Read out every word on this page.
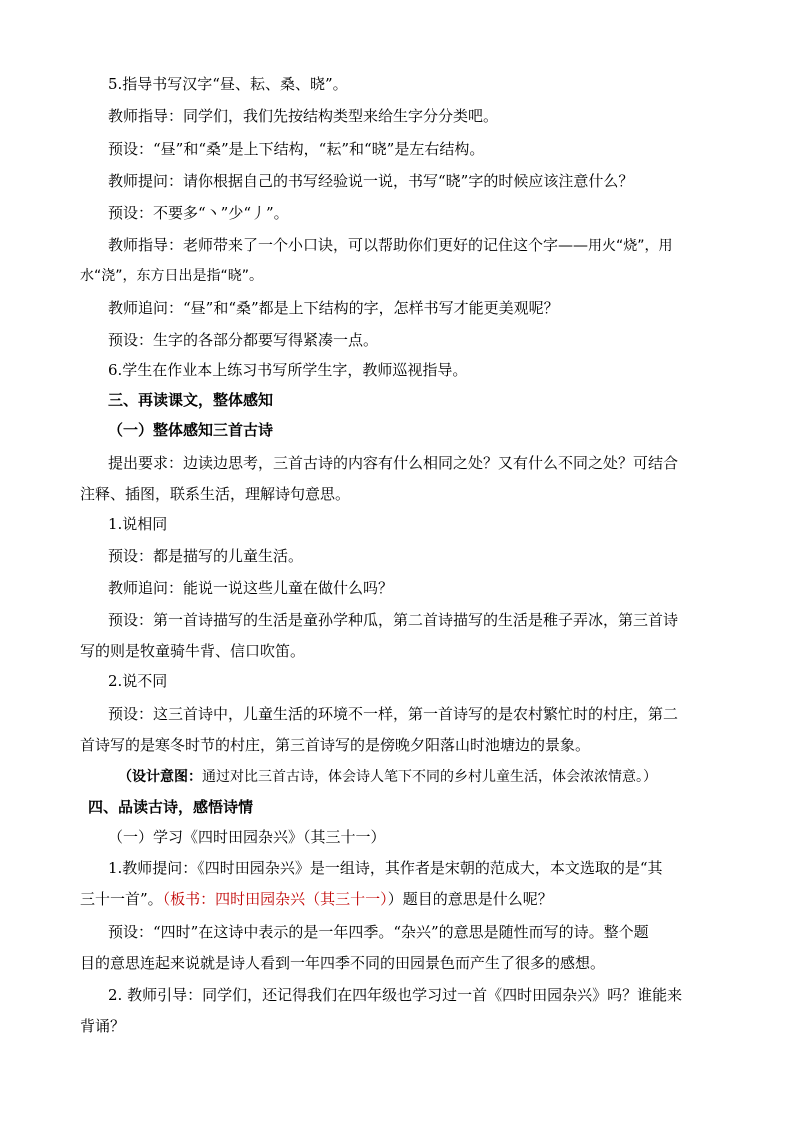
5.指导书写汉字“昼、耘、桑、晓”。
教师指导：同学们，我们先按结构类型来给生字分分类吧。
预设：“昼”和“桑”是上下结构，“耘”和“晓”是左右结构。
教师提问：请你根据自己的书写经验说一说，书写“晓”字的时候应该注意什么？
预设：不要多“丶”少“丿”。
教师指导：老师带来了一个小口诀，可以帮助你们更好的记住这个字——用火“烧”，用
水“浇”，东方日出是指“晓”。
教师追问：“昼”和“桑”都是上下结构的字，怎样书写才能更美观呢？
预设：生字的各部分都要写得紧凑一点。
6.学生在作业本上练习书写所学生字，教师巡视指导。
三、再读课文，整体感知
（一）整体感知三首古诗
提出要求：边读边思考，三首古诗的内容有什么相同之处？又有什么不同之处？可结合
注释、插图，联系生活，理解诗句意思。
1.说相同
预设：都是描写的儿童生活。
教师追问：能说一说这些儿童在做什么吗？
预设：第一首诗描写的生活是童孙学种瓜，第二首诗描写的生活是稚子弄冰，第三首诗
写的则是牧童骑牛背、信口吹笛。
2.说不同
预设：这三首诗中，儿童生活的环境不一样，第一首诗写的是农村繁忙时的村庄，第二
首诗写的是寒冬时节的村庄，第三首诗写的是傍晚夕阳落山时池塘边的景象。
（设计意图：通过对比三首古诗，体会诗人笔下不同的乡村儿童生活，体会浓浓情意。）
四、品读古诗，感悟诗情
（一）学习《四时田园杂兴》（其三十一）
1.教师提问：《四时田园杂兴》是一组诗，其作者是宋朝的范成大，本文选取的是“其
三十一首”。（板书：四时田园杂兴（其三十一））题目的意思是什么呢？
预设：“四时”在这诗中表示的是一年四季。“杂兴”的意思是随性而写的诗。整个题
目的意思连起来说就是诗人看到一年四季不同的田园景色而产生了很多的感想。
2. 教师引导：同学们，还记得我们在四年级也学习过一首《四时田园杂兴》吗？谁能来
背诵？
